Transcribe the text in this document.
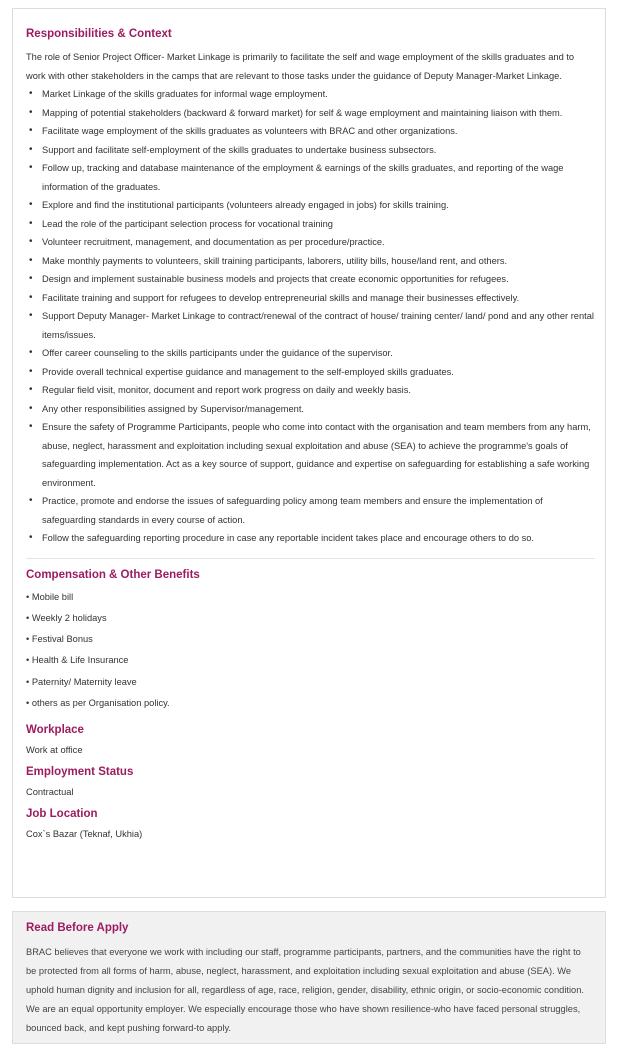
Responsibilities & Context

The role of Senior Project Officer- Market Linkage is primarily to facilitate the self and wage employment of the skills graduates and to work with other stakeholders in the camps that are relevant to those tasks under the guidance of Deputy Manager-Market Linkage.

• Market Linkage of the skills graduates for informal wage employment.
• Mapping of potential stakeholders (backward & forward market) for self & wage employment and maintaining liaison with them.
• Facilitate wage employment of the skills graduates as volunteers with BRAC and other organizations.
• Support and facilitate self-employment of the skills graduates to undertake business subsectors.
• Follow up, tracking and database maintenance of the employment & earnings of the skills graduates, and reporting of the wage information of the graduates.
• Explore and find the institutional participants (volunteers already engaged in jobs) for skills training.
• Lead the role of the participant selection process for vocational training
• Volunteer recruitment, management, and documentation as per procedure/practice.
• Make monthly payments to volunteers, skill training participants, laborers, utility bills, house/land rent, and others.
• Design and implement sustainable business models and projects that create economic opportunities for refugees.
• Facilitate training and support for refugees to develop entrepreneurial skills and manage their businesses effectively.
• Support Deputy Manager- Market Linkage to contract/renewal of the contract of house/ training center/ land/ pond and any other rental items/issues.
• Offer career counseling to the skills participants under the guidance of the supervisor.
• Provide overall technical expertise guidance and management to the self-employed skills graduates.
• Regular field visit, monitor, document and report work progress on daily and weekly basis.
• Any other responsibilities assigned by Supervisor/management.
• Ensure the safety of Programme Participants, people who come into contact with the organisation and team members from any harm, abuse, neglect, harassment and exploitation including sexual exploitation and abuse (SEA) to achieve the programme's goals of safeguarding implementation. Act as a key source of support, guidance and expertise on safeguarding for establishing a safe working environment.
• Practice, promote and endorse the issues of safeguarding policy among team members and ensure the implementation of safeguarding standards in every course of action.
• Follow the safeguarding reporting procedure in case any reportable incident takes place and encourage others to do so.
Compensation & Other Benefits
• Mobile bill
• Weekly 2 holidays
• Festival Bonus
• Health & Life Insurance
• Paternity/ Maternity leave
• others as per Organisation policy.
Workplace
Work at office
Employment Status
Contractual
Job Location
Cox`s Bazar (Teknaf, Ukhia)
Read Before Apply

BRAC believes that everyone we work with including our staff, programme participants, partners, and the communities have the right to be protected from all forms of harm, abuse, neglect, harassment, and exploitation including sexual exploitation and abuse (SEA). We uphold human dignity and inclusion for all, regardless of age, race, religion, gender, disability, ethnic origin, or socio-economic condition. We are an equal opportunity employer. We especially encourage those who have shown resilience-who have faced personal struggles, bounced back, and kept pushing forward-to apply.
